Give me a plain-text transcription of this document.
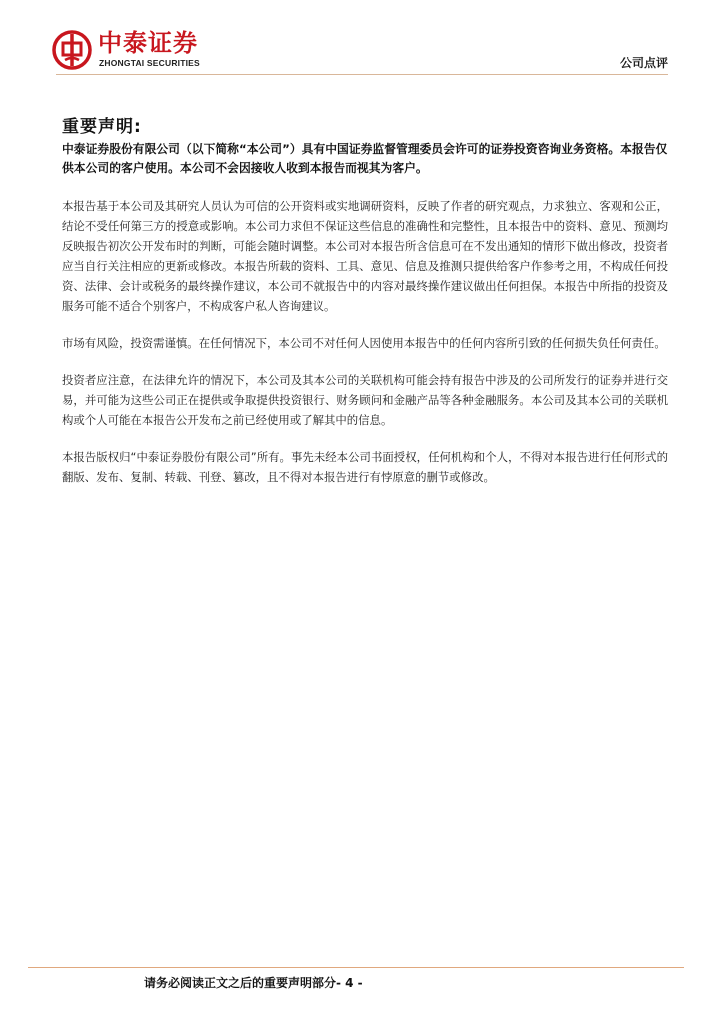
中泰证券
ZHONGTAI SECURITIES	公司点评
重要声明:

中泰证券股份有限公司（以下简称“本公司”）具有中国证券监督管理委员会许可的证券投资咨询业务资格。本报告仅供本公司的客户使用。本公司不会因接收人收到本报告而视其为客户。

本报告基于本公司及其研究人员认为可信的公开资料或实地调研资料，反映了作者的研究观点，力求独立、客观和公正，结论不受任何第三方的授意或影响。本公司力求但不保证这些信息的准确性和完整性，且本报告中的资料、意见、预测均反映报告初次公开发布时的判断，可能会随时调整。本公司对本报告所含信息可在不发出通知的情形下做出修改，投资者应当自行关注相应的更新或修改。本报告所载的资料、工具、意见、信息及推测只提供给客户作参考之用，不构成任何投资、法律、会计或税务的最终操作建议，本公司不就报告中的内容对最终操作建议做出任何担保。本报告中所指的投资及服务可能不适合个别客户，不构成客户私人咨询建议。

市场有风险，投资需谨慎。在任何情况下，本公司不对任何人因使用本报告中的任何内容所引致的任何损失负任何责任。

投资者应注意，在法律允许的情况下，本公司及其本公司的关联机构可能会持有报告中涉及的公司所发行的证券并进行交易，并可能为这些公司正在提供或争取提供投资银行、财务顾问和金融产品等各种金融服务。本公司及其本公司的关联机构或个人可能在本报告公开发布之前已经使用或了解其中的信息。

本报告版权归“中泰证券股份有限公司”所有。事先未经本公司书面授权，任何机构和个人，不得对本报告进行任何形式的翻版、发布、复制、转载、刊登、篡改，且不得对本报告进行有悖原意的删节或修改。

请务必阅读正文之后的重要声明部分- 4 -
